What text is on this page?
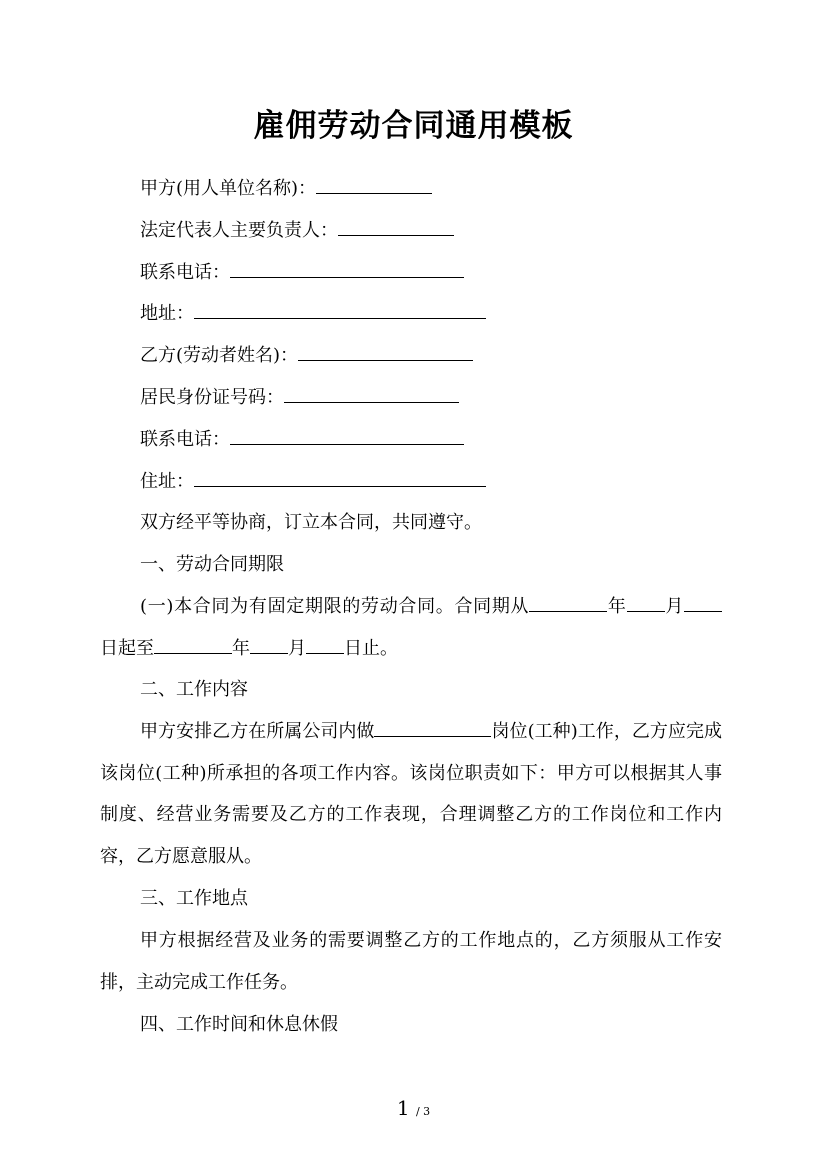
雇佣劳动合同通用模板
甲方(用人单位名称)：
法定代表人主要负责人：
联系电话：
地址：
乙方(劳动者姓名)：
居民身份证号码：
联系电话：
住址：
双方经平等协商，订立本合同，共同遵守。
一、劳动合同期限
(一)本合同为有固定期限的劳动合同。合同期从	年 月日起至	年 月 日止。
二、工作内容
甲方安排乙方在所属公司内做	岗位(工种)工作，乙方应完成该岗位(工种)所承担的各项工作内容。该岗位职责如下：甲方可以根据其人事制度、经营业务需要及乙方的工作表现，合理调整乙方的工作岗位和工作内容，乙方愿意服从。
三、工作地点
甲方根据经营及业务的需要调整乙方的工作地点的，乙方须服从工作安排，主动完成工作任务。
四、工作时间和休息休假
1 / 3
